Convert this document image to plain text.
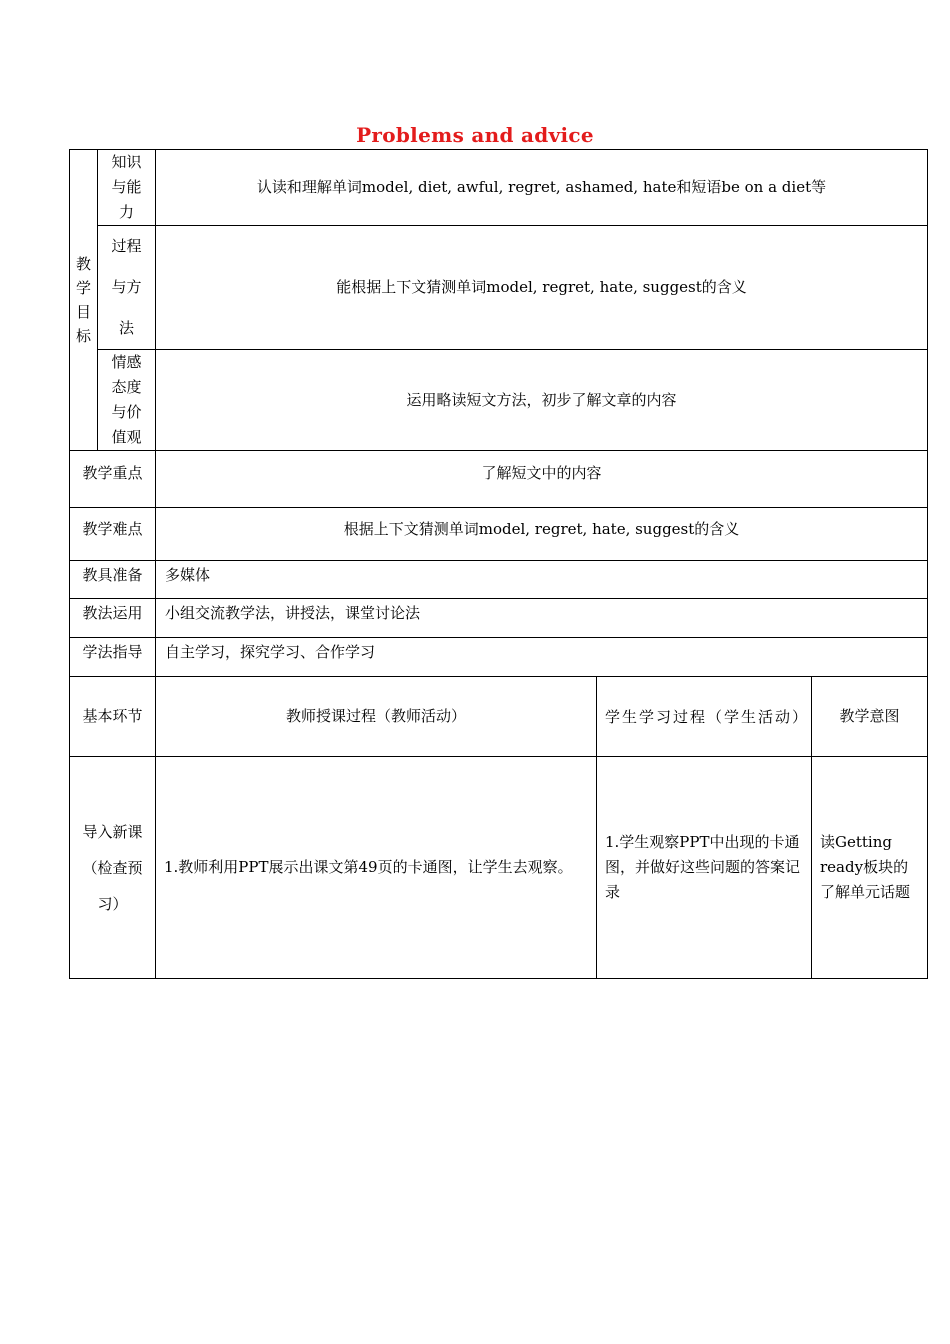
Problems and advice
教学目标	知识与能力	认读和理解单词model, diet, awful, regret, ashamed, hate和短语be on a diet等		
	过程与方法	能根据上下文猜测单词model, regret, hate, suggest的含义		
	情感态度与价值观	运用略读短文方法，初步了解文章的内容		
教学重点		了解短文中的内容		
教学难点		根据上下文猜测单词model, regret, hate, suggest的含义		
教具准备		多媒体		
教法运用		小组交流教学法，讲授法，课堂讨论法		
学法指导		自主学习，探究学习、合作学习		
基本环节		教师授课过程（教师活动）	学生学习过程（学生活动）	教学意图
导入新课（检查预习）		1.教师利用PPT展示出课文第49页的卡通图，让学生去观察。	1.学生观察PPT中出现的卡通图，并做好这些问题的答案记录	读Getting ready板块的了解单元话题
